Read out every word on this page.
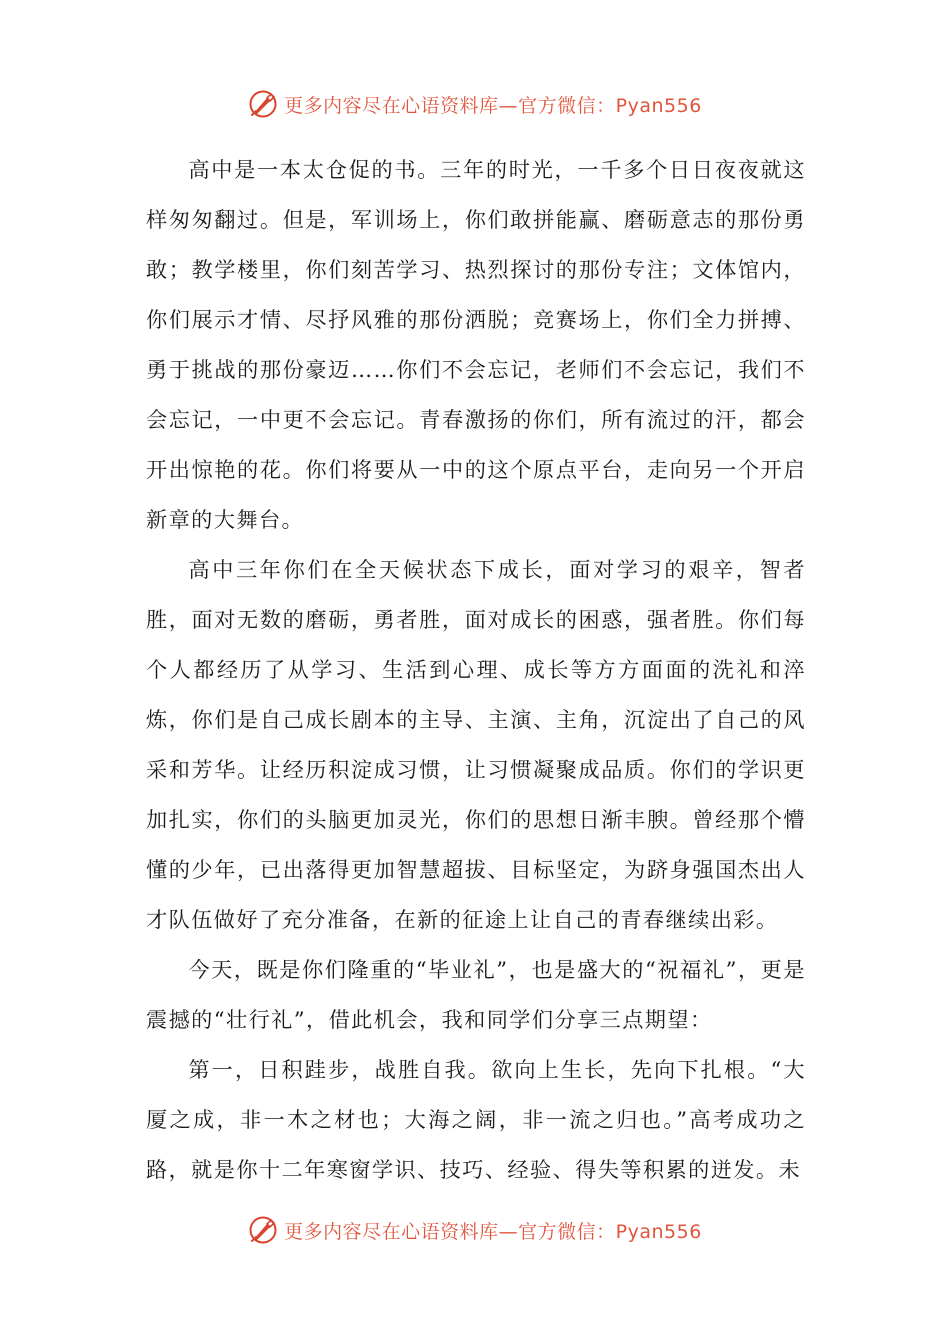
更多内容尽在心语资料库— 官方微信：Pyan556

高中是一本太仓促的书。三年的时光，一千多个日日夜夜就这样匆匆翻过。但是，军训场上，你们敢拼能赢、磨砺意志的那份勇敢；教学楼里，你们刻苦学习、热烈探讨的那份专注；文体馆内，你们展示才情、尽抒风雅的那份洒脱；竞赛场上，你们全力拼搏、勇于挑战的那份豪迈……你们不会忘记，老师们不会忘记，我们不会忘记，一中更不会忘记。青春激扬的你们，所有流过的汗，都会开出惊艳的花。你们将要从一中的这个原点平台，走向另一个开启新章的大舞台。

高中三年你们在全天候状态下成长，面对学习的艰辛，智者胜，面对无数的磨砺，勇者胜，面对成长的困惑，强者胜。你们每个人都经历了从学习、生活到心理、成长等方方面面的洗礼和淬炼，你们是自己成长剧本的主导、主演、主角，沉淀出了自己的风采和芳华。让经历积淀成习惯，让习惯凝聚成品质。你们的学识更加扎实，你们的头脑更加灵光，你们的思想日渐丰腴。曾经那个懵懂的少年，已出落得更加智慧超拔、目标坚定，为跻身强国杰出人才队伍做好了充分准备，在新的征途上让自己的青春继续出彩。

今天，既是你们隆重的“毕业礼”，也是盛大的“祝福礼”，更是震撼的“壮行礼”，借此机会，我和同学们分享三点期望：

第一，日积跬步，战胜自我。欲向上生长，先向下扎根。“大厦之成，非一木之材也；大海之阔，非一流之归也。”高考成功之路，就是你十二年寒窗学识、技巧、经验、得失等积累的迸发。未

更多内容尽在心语资料库— 官方微信：Pyan556
